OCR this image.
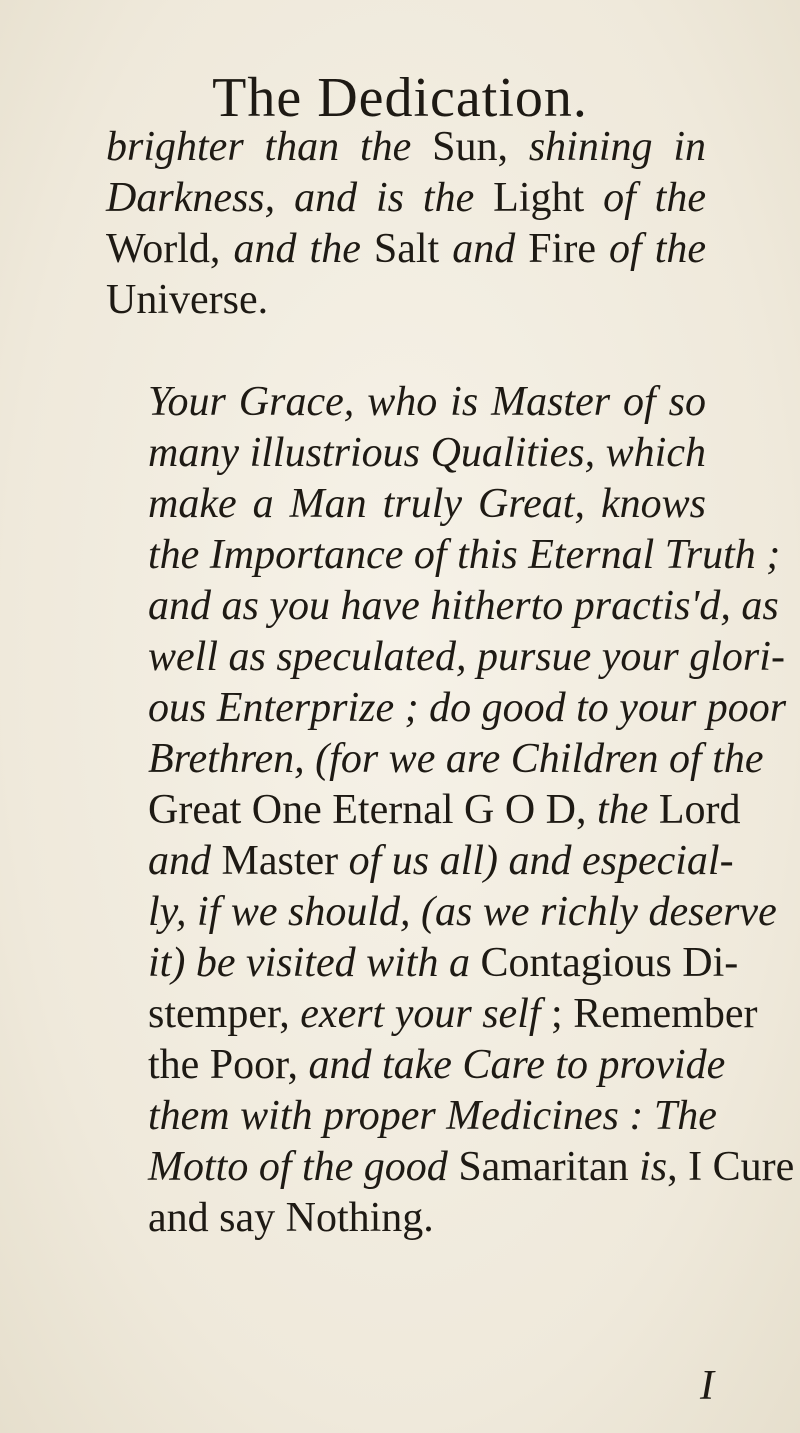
The Dedication.

brighter than the Sun, shining in
Darkness, and is the Light of the
World, and the Salt and Fire of the
Universe.

Your Grace, who is Master of so
many illustrious Qualities, which
make a Man truly Great, knows
the Importance of this Eternal Truth ;
and as you have hitherto practis'd, as
well as speculated, pursue your glori-
ous Enterprize ; do good to your poor
Brethren, (for we are Children of the
Great One Eternal G O D, the Lord
and Master of us all) and especial-
ly, if we should, (as we richly deserve
it) be visited with a Contagious Di-
stemper, exert your self ; Remember
the Poor, and take Care to provide
them with proper Medicines : The
Motto of the good Samaritan is, I Cure
and say Nothing.

I
